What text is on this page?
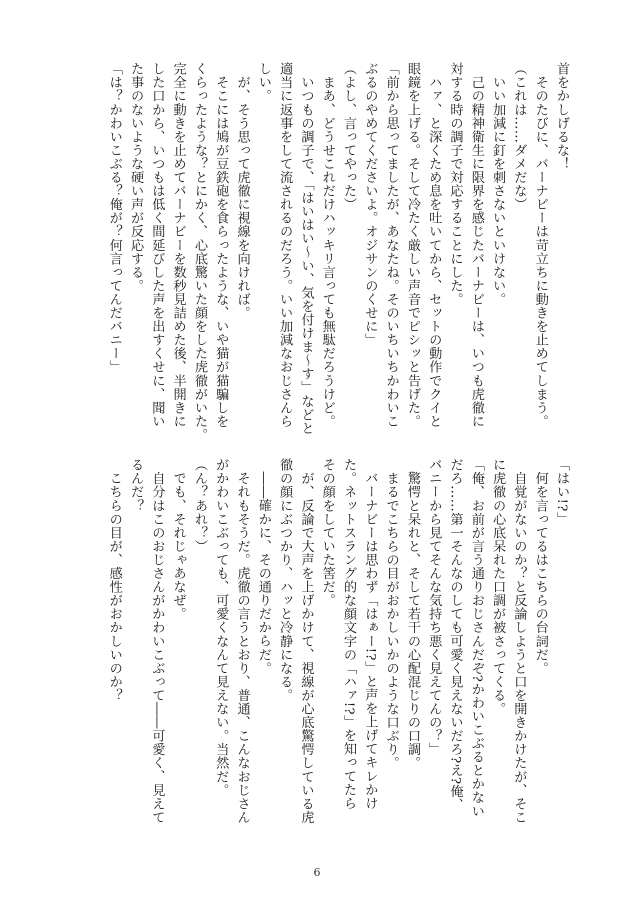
首をかしげるな！
　そのたびに、バーナビーは苛立ちに動きを止めてしまう。
（これは……ダメだな）
　いい加減に釘を刺さないといけない。
　己の精神衛生に限界を感じたバーナビーは、いつも虎徹に
対する時の調子で対応することにした。
　ハァ、と深くため息を吐いてから、セットの動作でクイと
眼鏡を上げる。そして冷たく厳しい声音でピシッと告げた。
「前から思ってましたが、あなたね。そのいちいちかわいこ
ぶるのやめてくださいよ。オジサンのくせに」
（よし、言ってやった）
　まあ、どうせこれだけハッキリ言っても無駄だろうけど。
　いつもの調子で、「はいはい〜い、気を付けま〜す」などと
適当に返事をして流されるのだろう。いい加減なおじさんら
しい。
　が、そう思って虎徹に視線を向ければ。
　そこには鳩が豆鉄砲を食らったような、いや猫が猫騙しを
くらったような？とにかく、心底驚いた顔をした虎徹がいた。
完全に動きを止めてバーナビーを数秒見詰めた後、半開きに
した口から、いつもは低く間延びした声を出すくせに、聞い
た事のないような硬い声が反応する。
「は？かわいこぶる？俺が？何言ってんだバニー」
「はい!?」
　何を言ってるはこちらの台詞だ。
　自覚がないのか？と反論しようと口を開きかけたが、そこ
に虎徹の心底呆れた口調が被さってくる。
「俺、お前が言う通りおじさんだぞ?かわいこぶるとかない
だろ……第一そんなのしても可愛く見えないだろ?え?俺、
バニーから見てそんな気持ち悪く見えてんの？」
　驚愕と呆れと、そして若干の心配混じりの口調。
　まるでこちらの目がおかしいかのような口ぶり。
　バーナビーは思わず「はぁー!?」と声を上げてキレかけ
た。ネットスラング的な顔文字の「ハァ!?」を知ってたら
その顔をしていた筈だ。
　が、反論で大声を上げかけて、視線が心底驚愕している虎
徹の顔にぶつかり、ハッと冷静になる。
　――確かに、その通りだからだ。
　それもそうだ。虎徹の言うとおり、普通、こんなおじさん
がかわいこぶっても、可愛くなんて見えない。当然だ。
（ん？あれ？）
　でも、それじゃあなぜ。
　自分はこのおじさんがかわいこぶって――可愛く、見えて
るんだ？
　こちらの目が、感性がおかしいのか？
6
